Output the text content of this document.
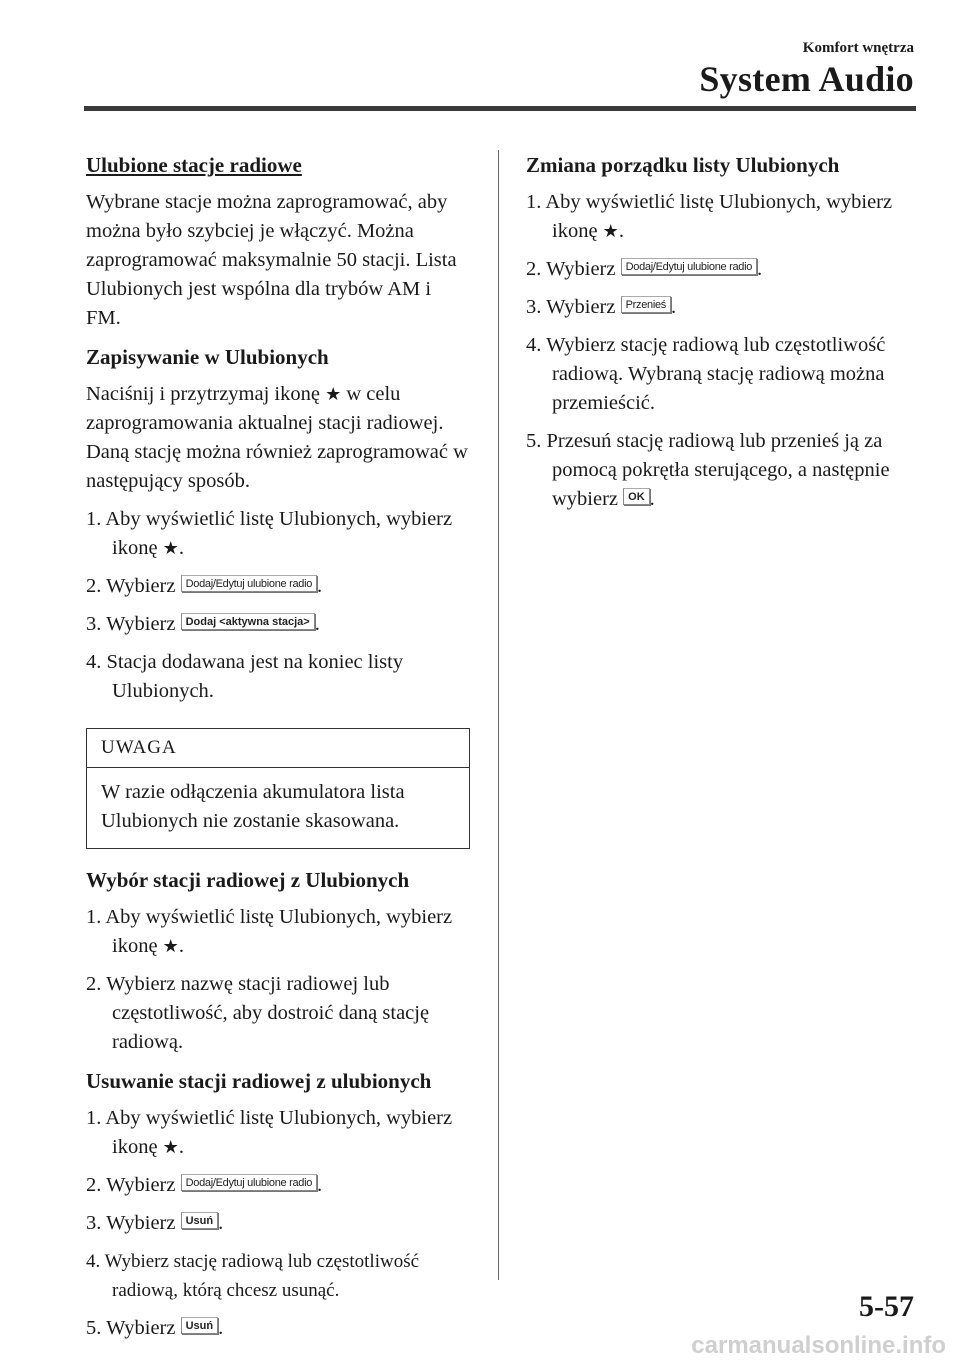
Komfort wnętrza
System Audio
Ulubione stacje radiowe
Wybrane stacje można zaprogramować, aby można było szybciej je włączyć. Można zaprogramować maksymalnie 50 stacji. Lista Ulubionych jest wspólna dla trybów AM i FM.
Zapisywanie w Ulubionych
Naciśnij i przytrzymaj ikonę ★ w celu zaprogramowania aktualnej stacji radiowej. Daną stację można również zaprogramować w następujący sposób.
1. Aby wyświetlić listę Ulubionych, wybierz ikonę ★.
2. Wybierz Dodaj/Edytuj ulubione radio .
3. Wybierz Dodaj <aktywna stacja> .
4. Stacja dodawana jest na koniec listy Ulubionych.
UWAGA
W razie odłączenia akumulatora lista Ulubionych nie zostanie skasowana.
Wybór stacji radiowej z Ulubionych
1. Aby wyświetlić listę Ulubionych, wybierz ikonę ★.
2. Wybierz nazwę stacji radiowej lub częstotliwość, aby dostroić daną stację radiową.
Usuwanie stacji radiowej z ulubionych
1. Aby wyświetlić listę Ulubionych, wybierz ikonę ★.
2. Wybierz Dodaj/Edytuj ulubione radio .
3. Wybierz Usuń .
4. Wybierz stację radiową lub częstotliwość radiową, którą chcesz usunąć.
5. Wybierz Usuń .
Zmiana porządku listy Ulubionych
1. Aby wyświetlić listę Ulubionych, wybierz ikonę ★.
2. Wybierz Dodaj/Edytuj ulubione radio .
3. Wybierz Przenieś .
4. Wybierz stację radiową lub częstotliwość radiową. Wybraną stację radiową można przemieścić.
5. Przesuń stację radiową lub przenieś ją za pomocą pokrętła sterującego, a następnie wybierz OK .
5-57
carmanualsonline.info
